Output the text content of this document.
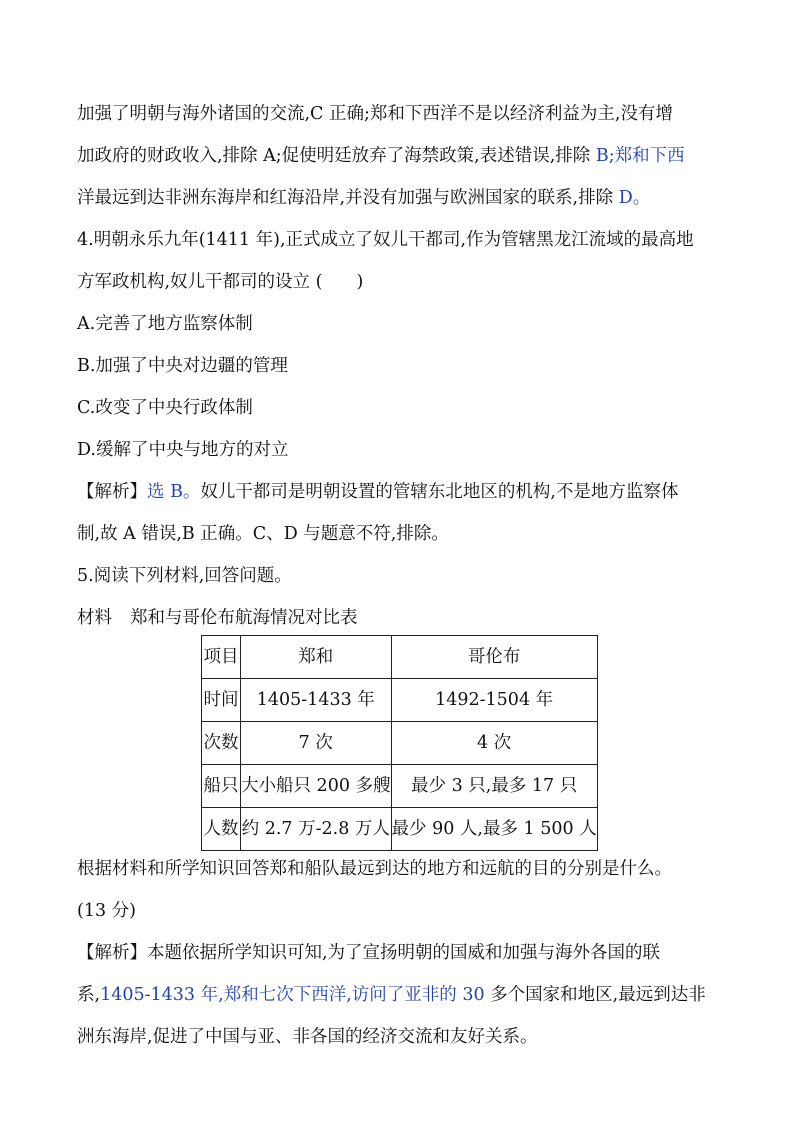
加强了明朝与海外诸国的交流,C 正确;郑和下西洋不是以经济利益为主,没有增
加政府的财政收入,排除 A;促使明廷放弃了海禁政策,表述错误,排除 B;郑和下西
洋最远到达非洲东海岸和红海沿岸,并没有加强与欧洲国家的联系,排除 D。
4.明朝永乐九年(1411 年),正式成立了奴儿干都司,作为管辖黑龙江流域的最高地
方军政机构,奴儿干都司的设立 ( )
A.完善了地方监察体制
B.加强了中央对边疆的管理
C.改变了中央行政体制
D.缓解了中央与地方的对立
【解析】选 B。奴儿干都司是明朝设置的管辖东北地区的机构,不是地方监察体
制,故 A 错误,B 正确。C、D 与题意不符,排除。
5.阅读下列材料,回答问题。
材料 郑和与哥伦布航海情况对比表
项目	郑和	哥伦布
时间	1405-1433 年	1492-1504 年
次数	7 次	4 次
船只	大小船只 200 多艘	最少 3 只,最多 17 只
人数	约 2.7 万-2.8 万人	最少 90 人,最多 1 500 人
根据材料和所学知识回答郑和船队最远到达的地方和远航的目的分别是什么。
(13 分)
【解析】本题依据所学知识可知,为了宣扬明朝的国威和加强与海外各国的联
系,1405-1433 年,郑和七次下西洋,访问了亚非的 30 多个国家和地区,最远到达非
洲东海岸,促进了中国与亚、非各国的经济交流和友好关系。
